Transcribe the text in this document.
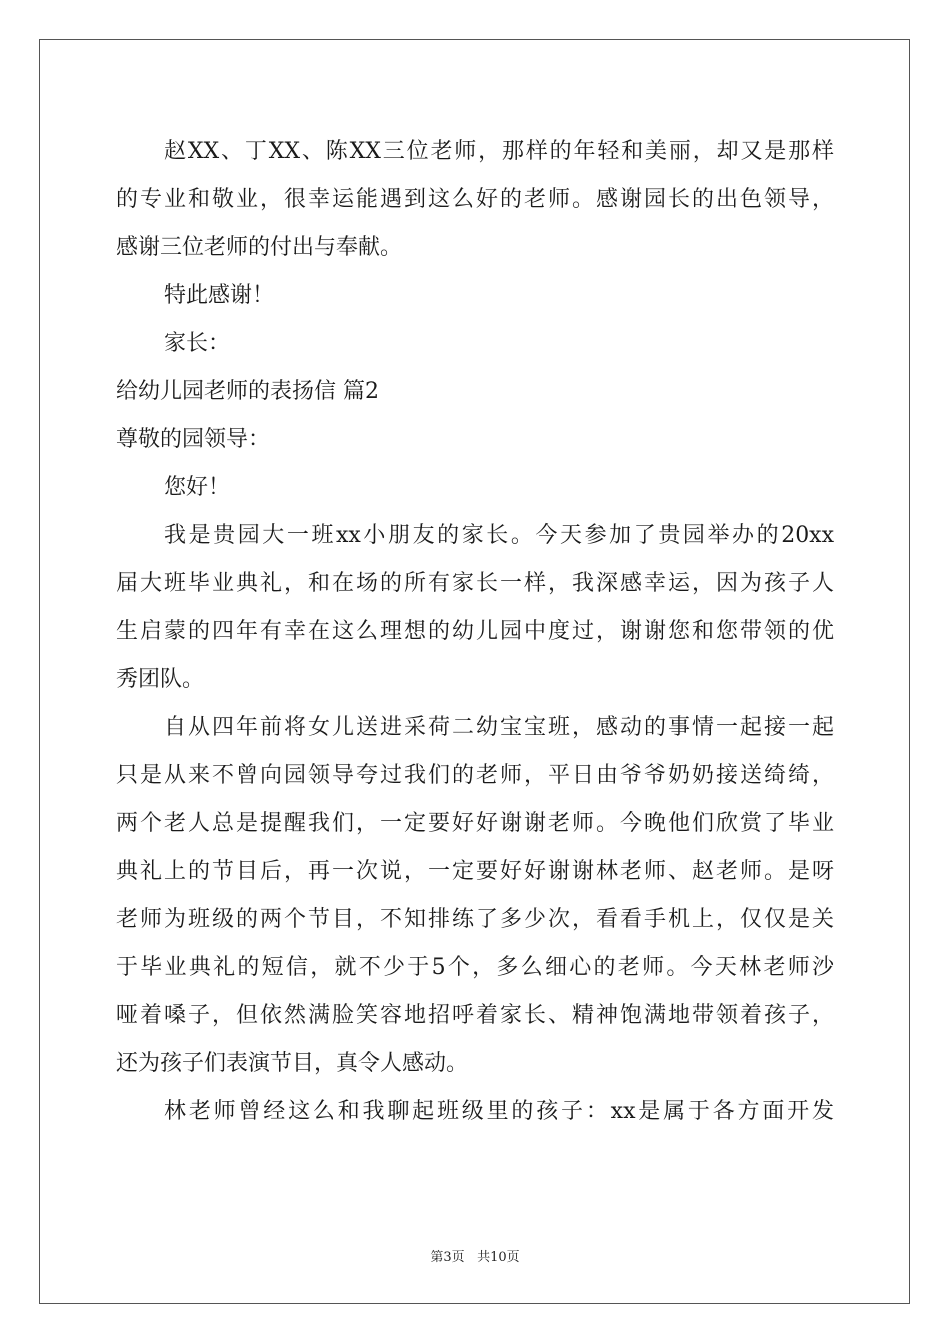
赵XX、丁XX、陈XX三位老师，那样的年轻和美丽，却又是那样
的专业和敬业，很幸运能遇到这么好的老师。感谢园长的出色领导，
感谢三位老师的付出与奉献。
特此感谢！
家长：
给幼儿园老师的表扬信 篇2
尊敬的园领导：
您好！
我是贵园大一班xx小朋友的家长。今天参加了贵园举办的20xx
届大班毕业典礼，和在场的所有家长一样，我深感幸运，因为孩子人
生启蒙的四年有幸在这么理想的幼儿园中度过，谢谢您和您带领的优
秀团队。
自从四年前将女儿送进采荷二幼宝宝班，感动的事情一起接一起
只是从来不曾向园领导夸过我们的老师，平日由爷爷奶奶接送绮绮，
两个老人总是提醒我们，一定要好好谢谢老师。今晚他们欣赏了毕业
典礼上的节目后，再一次说，一定要好好谢谢林老师、赵老师。是呀
老师为班级的两个节目，不知排练了多少次，看看手机上，仅仅是关
于毕业典礼的短信，就不少于5个，多么细心的老师。今天林老师沙
哑着嗓子，但依然满脸笑容地招呼着家长、精神饱满地带领着孩子，
还为孩子们表演节目，真令人感动。
林老师曾经这么和我聊起班级里的孩子：xx是属于各方面开发
第3页 共10页
